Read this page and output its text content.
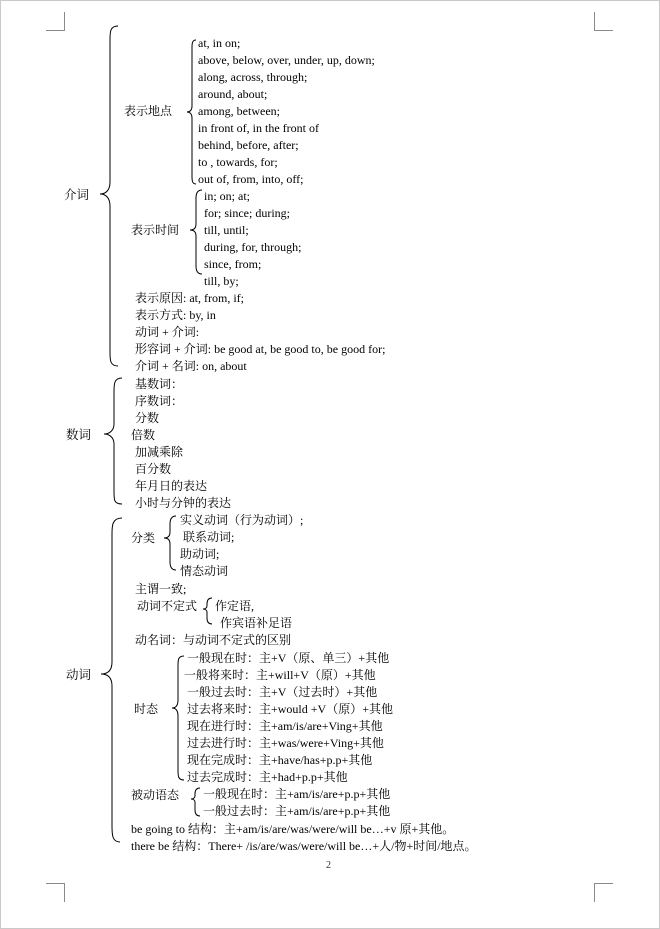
介词
表示地点
at, in on;
above, below, over, under, up, down;
along, across, through;
around, about;
among, between;
in front of, in the front of
behind, before, after;
to , towards, for;
out of, from, into, off;
表示时间
in; on; at;
for; since; during;
till, until;
during, for, through;
since, from;
till, by;
表示原因: at, from, if;
表示方式: by, in
动词 + 介词:
形容词 + 介词: be good at, be good to, be good for;
介词 + 名词: on, about
数词
基数词：
序数词：
分数
倍数
加减乘除
百分数
年月日的表达
小时与分钟的表达
动词
分类
实义动词（行为动词）;
联系动词;
助动词;
情态动词
主谓一致;
动词不定式 作定语,
作宾语补足语
动名词：与动词不定式的区别
时态
一般现在时：主+V（原、单三）+其他
一般将来时：主+will+V（原）+其他
一般过去时：主+V（过去时）+其他
过去将来时：主+would +V（原）+其他
现在进行时：主+am/is/are+Ving+其他
过去进行时：主+was/were+Ving+其他
现在完成时：主+have/has+p.p+其他
过去完成时：主+had+p.p+其他
被动语态 一般现在时：主+am/is/are+p.p+其他
一般过去时：主+am/is/are+p.p+其他
be going to 结构：主+am/is/are/was/were/will be…+v 原+其他。
there be 结构：There+ /is/are/was/were/will be…+人/物+时间/地点。
2
